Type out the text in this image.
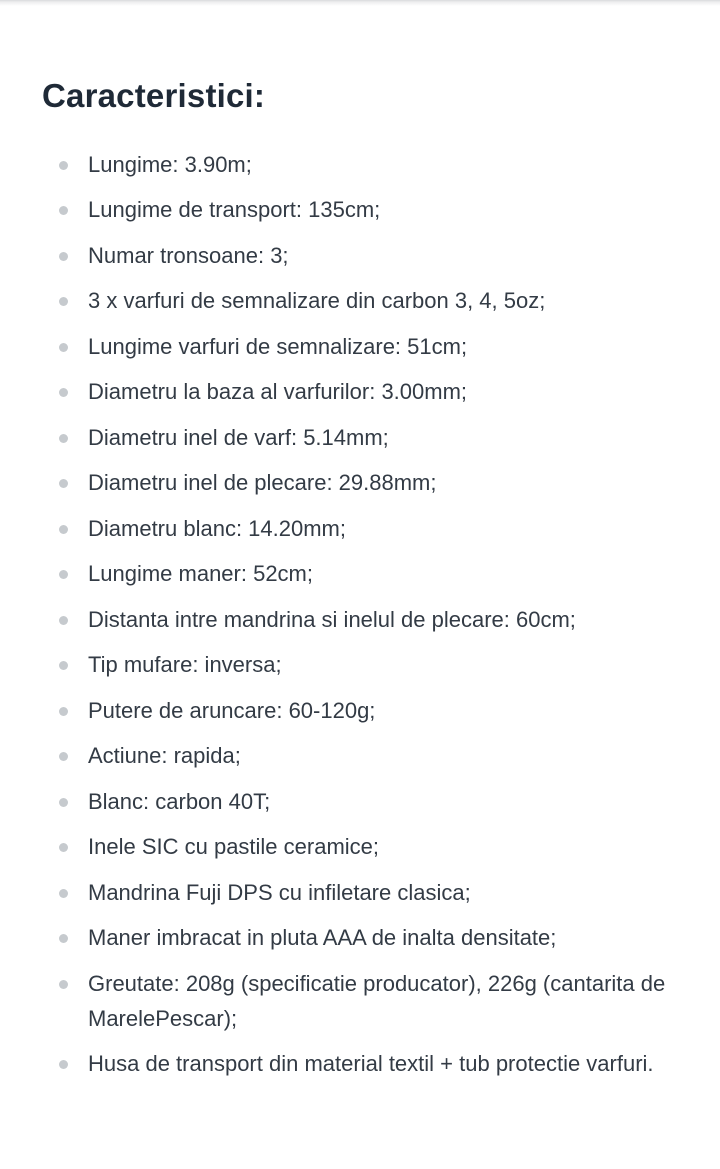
Caracteristici:
Lungime: 3.90m;
Lungime de transport: 135cm;
Numar tronsoane: 3;
3 x varfuri de semnalizare din carbon 3, 4, 5oz;
Lungime varfuri de semnalizare: 51cm;
Diametru la baza al varfurilor: 3.00mm;
Diametru inel de varf: 5.14mm;
Diametru inel de plecare: 29.88mm;
Diametru blanc: 14.20mm;
Lungime maner: 52cm;
Distanta intre mandrina si inelul de plecare: 60cm;
Tip mufare: inversa;
Putere de aruncare: 60-120g;
Actiune: rapida;
Blanc: carbon 40T;
Inele SIC cu pastile ceramice;
Mandrina Fuji DPS cu infiletare clasica;
Maner imbracat in pluta AAA de inalta densitate;
Greutate: 208g (specificatie producator), 226g (cantarita de MarelePescar);
Husa de transport din material textil + tub protectie varfuri.
